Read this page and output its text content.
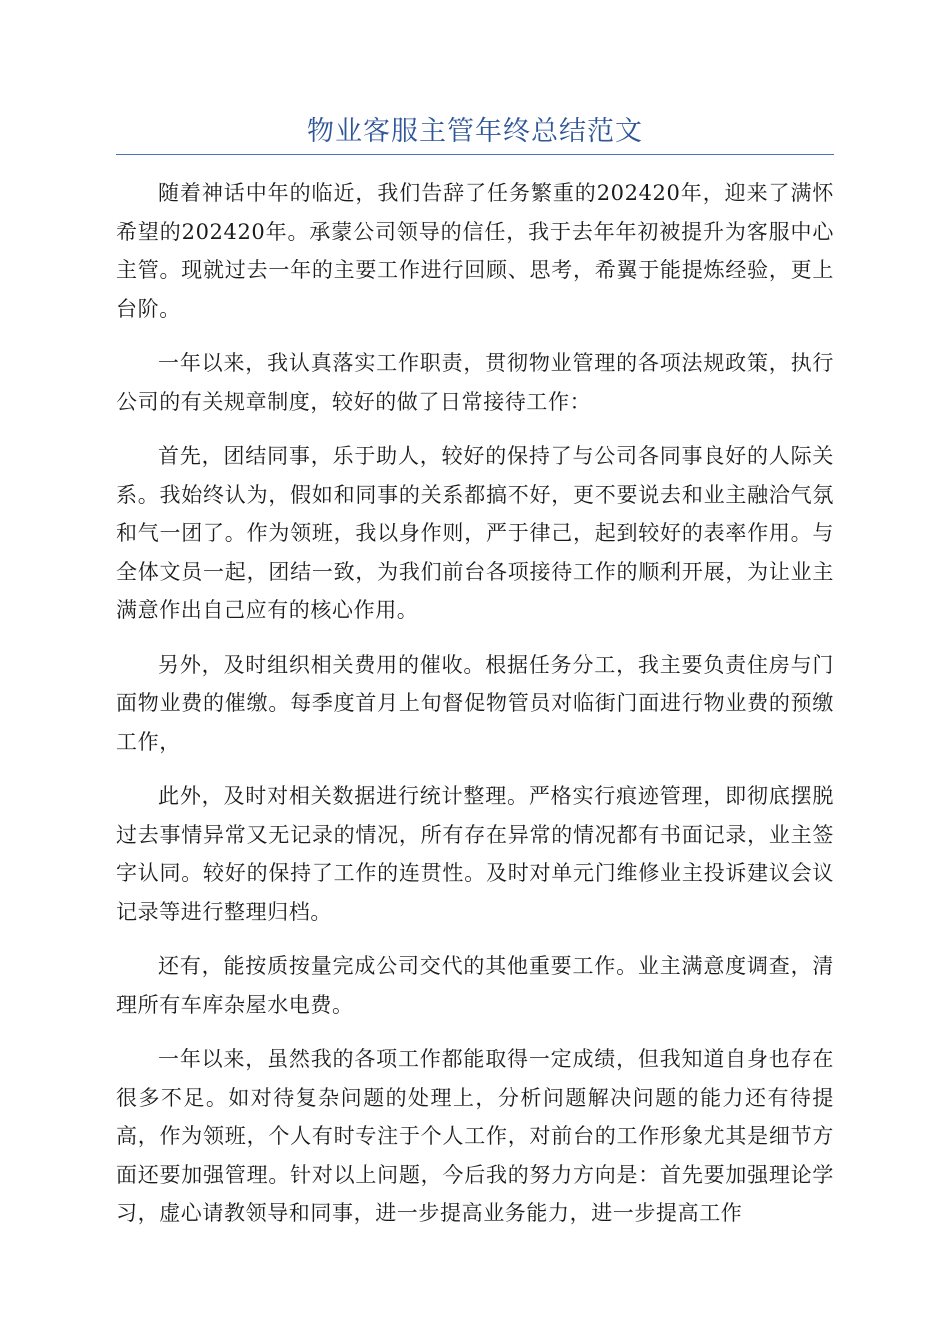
物业客服主管年终总结范文

随着神话中年的临近，我们告辞了任务繁重的202420年，迎来了满怀希望的202420年。承蒙公司领导的信任，我于去年年初被提升为客服中心主管。现就过去一年的主要工作进行回顾、思考，希翼于能提炼经验，更上台阶。

一年以来，我认真落实工作职责，贯彻物业管理的各项法规政策，执行公司的有关规章制度，较好的做了日常接待工作：

首先，团结同事，乐于助人，较好的保持了与公司各同事良好的人际关系。我始终认为，假如和同事的关系都搞不好，更不要说去和业主融洽气氛和气一团了。作为领班，我以身作则，严于律己，起到较好的表率作用。与全体文员一起，团结一致，为我们前台各项接待工作的顺利开展，为让业主满意作出自己应有的核心作用。

另外，及时组织相关费用的催收。根据任务分工，我主要负责住房与门面物业费的催缴。每季度首月上旬督促物管员对临街门面进行物业费的预缴工作，

此外，及时对相关数据进行统计整理。严格实行痕迹管理，即彻底摆脱过去事情异常又无记录的情况，所有存在异常的情况都有书面记录，业主签字认同。较好的保持了工作的连贯性。及时对单元门维修业主投诉建议会议记录等进行整理归档。

还有，能按质按量完成公司交代的其他重要工作。业主满意度调查，清理所有车库杂屋水电费。

一年以来，虽然我的各项工作都能取得一定成绩，但我知道自身也存在很多不足。如对待复杂问题的处理上，分析问题解决问题的能力还有待提高，作为领班，个人有时专注于个人工作，对前台的工作形象尤其是细节方面还要加强管理。针对以上问题，今后我的努力方向是：首先要加强理论学习，虚心请教领导和同事，进一步提高业务能力，进一步提高工作
